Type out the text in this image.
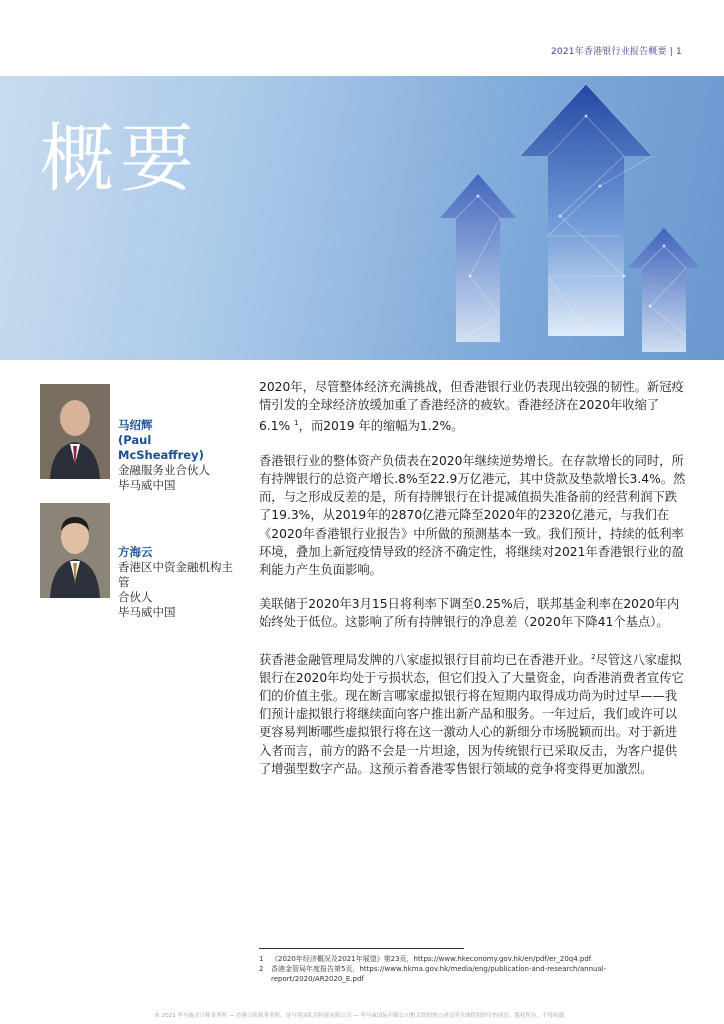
2021年香港银行业报告概要 | 1
概要
马绍辉
(Paul McSheaffrey)
金融服务业合伙人
毕马威中国
方海云
香港区中资金融机构主管
合伙人
毕马威中国

2020年，尽管整体经济充满挑战，但香港银行业仍表现出较强的韧性。新冠疫情引发的全球经济放缓加重了香港经济的疲软。香港经济在2020年收缩了6.1% $^1$，而2019 年的缩幅为1.2%。

香港银行业的整体资产负债表在2020年继续逆势增长。在存款增长的同时，所有持牌银行的总资产增长.8%至22.9万亿港元，其中贷款及垫款增长3.4%。然而，与之形成反差的是，所有持牌银行在计提减值损失准备前的经营利润下跌了19.3%，从2019年的2870亿港元降至2020年的2320亿港元，与我们在《2020年香港银行业报告》中所做的预测基本一致。我们预计，持续的低利率环境，叠加上新冠疫情导致的经济不确定性，将继续对2021年香港银行业的盈利能力产生负面影响。

美联储于2020年3月15日将利率下调至0.25%后，联邦基金利率在2020年内始终处于低位。这影响了所有持牌银行的净息差（2020年下降41个基点）。

获香港金融管理局发牌的八家虚拟银行目前均已在香港开业。$^2$尽管这八家虚拟银行在2020年均处于亏损状态，但它们投入了大量资金，向香港消费者宣传它们的价值主张。现在断言哪家虚拟银行将在短期内取得成功尚为时过早——我们预计虚拟银行将继续面向客户推出新产品和服务。一年过后，我们或许可以更容易判断哪些虚拟银行将在这一激动人心的新细分市场脱颖而出。对于新进入者而言，前方的路不会是一片坦途，因为传统银行已采取反击，为客户提供了增强型数字产品。这预示着香港零售银行领域的竞争将变得更加激烈。

1 《2020年经济概况及2021年展望》第23页，https://www.hkeconomy.gov.hk/en/pdf/er_20q4.pdf
2 香港金管局年度报告第5页，https://www.hkma.gov.hk/media/eng/publication-and-research/annual-report/2020/AR2020_E.pdf
© 2021 毕马威会计师事务所 — 香港合伙制事务所，是与英国私营担保有限公司 — 毕马威国际有限公司相关联的独立成员所全球性组织中的成员。版权所有，不得转载。
